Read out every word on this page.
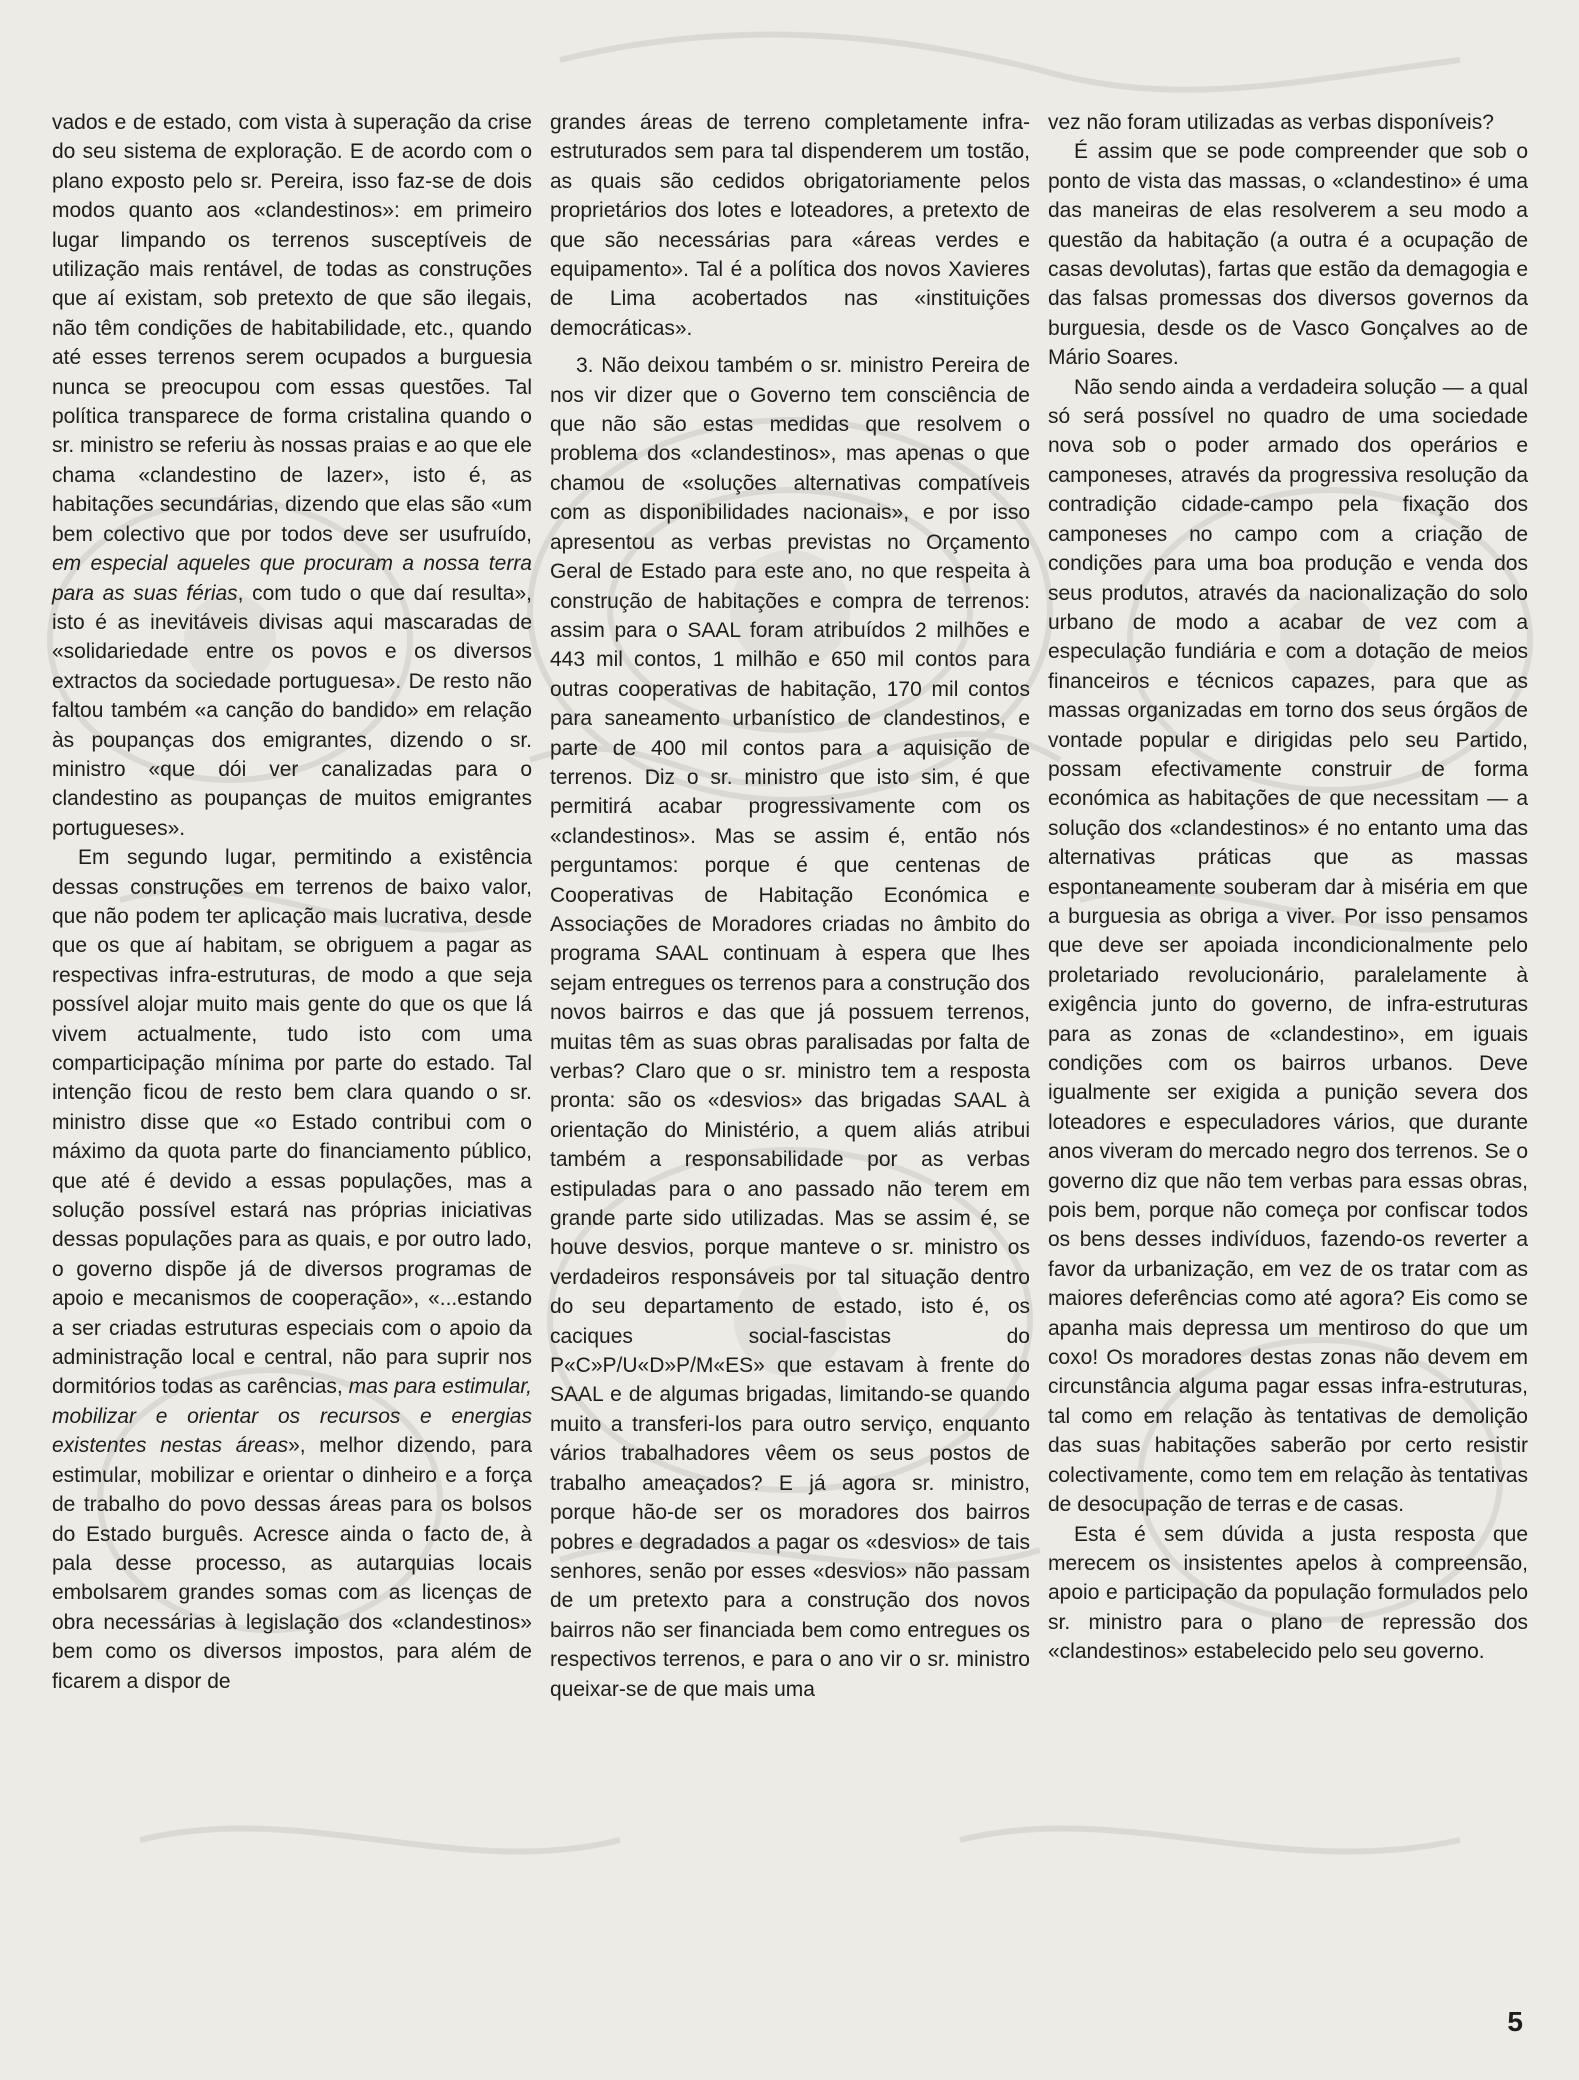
vados e de estado, com vista à superação da crise do seu sistema de exploração. E de acordo com o plano exposto pelo sr. Pereira, isso faz-se de dois modos quanto aos «clandestinos»: em primeiro lugar limpando os terrenos susceptíveis de utilização mais rentável, de todas as construções que aí existam, sob pretexto de que são ilegais, não têm condições de habitabilidade, etc., quando até esses terrenos serem ocupados a burguesia nunca se preocupou com essas questões. Tal política transparece de forma cristalina quando o sr. ministro se referiu às nossas praias e ao que ele chama «clandestino de lazer», isto é, as habitações secundárias, dizendo que elas são «um bem colectivo que por todos deve ser usufruído, em especial aqueles que procuram a nossa terra para as suas férias, com tudo o que daí resulta», isto é as inevitáveis divisas aqui mascaradas de «solidariedade entre os povos e os diversos extractos da sociedade portuguesa». De resto não faltou também «a canção do bandido» em relação às poupanças dos emigrantes, dizendo o sr. ministro «que dói ver canalizadas para o clandestino as poupanças de muitos emigrantes portugueses».

Em segundo lugar, permitindo a existência dessas construções em terrenos de baixo valor, que não podem ter aplicação mais lucrativa, desde que os que aí habitam, se obriguem a pagar as respectivas infra-estruturas, de modo a que seja possível alojar muito mais gente do que os que lá vivem actualmente, tudo isto com uma comparticipação mínima por parte do estado. Tal intenção ficou de resto bem clara quando o sr. ministro disse que «o Estado contribui com o máximo da quota parte do financiamento público, que até é devido a essas populações, mas a solução possível estará nas próprias iniciativas dessas populações para as quais, e por outro lado, o governo dispõe já de diversos programas de apoio e mecanismos de cooperação», «...estando a ser criadas estruturas especiais com o apoio da administração local e central, não para suprir nos dormitórios todas as carências, mas para estimular, mobilizar e orientar os recursos e energias existentes nestas áreas», melhor dizendo, para estimular, mobilizar e orientar o dinheiro e a força de trabalho do povo dessas áreas para os bolsos do Estado burguês. Acresce ainda o facto de, à pala desse processo, as autarquias locais embolsarem grandes somas com as licenças de obra necessárias à legislação dos «clandestinos» bem como os diversos impostos, para além de ficarem a dispor de

grandes áreas de terreno completamente infra-estruturados sem para tal dispenderem um tostão, as quais são cedidos obrigatoriamente pelos proprietários dos lotes e loteadores, a pretexto de que são necessárias para «áreas verdes e equipamento». Tal é a política dos novos Xavieres de Lima acobertados nas «instituições democráticas».

3. Não deixou também o sr. ministro Pereira de nos vir dizer que o Governo tem consciência de que não são estas medidas que resolvem o problema dos «clandestinos», mas apenas o que chamou de «soluções alternativas compatíveis com as disponibilidades nacionais», e por isso apresentou as verbas previstas no Orçamento Geral de Estado para este ano, no que respeita à construção de habitações e compra de terrenos: assim para o SAAL foram atribuídos 2 milhões e 443 mil contos, 1 milhão e 650 mil contos para outras cooperativas de habitação, 170 mil contos para saneamento urbanístico de clandestinos, e parte de 400 mil contos para a aquisição de terrenos. Diz o sr. ministro que isto sim, é que permitirá acabar progressivamente com os «clandestinos». Mas se assim é, então nós perguntamos: porque é que centenas de Cooperativas de Habitação Económica e Associações de Moradores criadas no âmbito do programa SAAL continuam à espera que lhes sejam entregues os terrenos para a construção dos novos bairros e das que já possuem terrenos, muitas têm as suas obras paralisadas por falta de verbas? Claro que o sr. ministro tem a resposta pronta: são os «desvios» das brigadas SAAL à orientação do Ministério, a quem aliás atribui também a responsabilidade por as verbas estipuladas para o ano passado não terem em grande parte sido utilizadas. Mas se assim é, se houve desvios, porque manteve o sr. ministro os verdadeiros responsáveis por tal situação dentro do seu departamento de estado, isto é, os caciques social-fascistas do P«C»P/U«D»P/M«ES» que estavam à frente do SAAL e de algumas brigadas, limitando-se quando muito a transferi-los para outro serviço, enquanto vários trabalhadores vêem os seus postos de trabalho ameaçados? E já agora sr. ministro, porque hão-de ser os moradores dos bairros pobres e degradados a pagar os «desvios» de tais senhores, senão por esses «desvios» não passam de um pretexto para a construção dos novos bairros não ser financiada bem como entregues os respectivos terrenos, e para o ano vir o sr. ministro queixar-se de que mais uma

vez não foram utilizadas as verbas disponíveis?

É assim que se pode compreender que sob o ponto de vista das massas, o «clandestino» é uma das maneiras de elas resolverem a seu modo a questão da habitação (a outra é a ocupação de casas devolutas), fartas que estão da demagogia e das falsas promessas dos diversos governos da burguesia, desde os de Vasco Gonçalves ao de Mário Soares.

Não sendo ainda a verdadeira solução — a qual só será possível no quadro de uma sociedade nova sob o poder armado dos operários e camponeses, através da progressiva resolução da contradição cidade-campo pela fixação dos camponeses no campo com a criação de condições para uma boa produção e venda dos seus produtos, através da nacionalização do solo urbano de modo a acabar de vez com a especulação fundiária e com a dotação de meios financeiros e técnicos capazes, para que as massas organizadas em torno dos seus órgãos de vontade popular e dirigidas pelo seu Partido, possam efectivamente construir de forma económica as habitações de que necessitam — a solução dos «clandestinos» é no entanto uma das alternativas práticas que as massas espontaneamente souberam dar à miséria em que a burguesia as obriga a viver. Por isso pensamos que deve ser apoiada incondicionalmente pelo proletariado revolucionário, paralelamente à exigência junto do governo, de infra-estruturas para as zonas de «clandestino», em iguais condições com os bairros urbanos. Deve igualmente ser exigida a punição severa dos loteadores e especuladores vários, que durante anos viveram do mercado negro dos terrenos. Se o governo diz que não tem verbas para essas obras, pois bem, porque não começa por confiscar todos os bens desses indivíduos, fazendo-os reverter a favor da urbanização, em vez de os tratar com as maiores deferências como até agora? Eis como se apanha mais depressa um mentiroso do que um coxo! Os moradores destas zonas não devem em circunstância alguma pagar essas infra-estruturas, tal como em relação às tentativas de demolição das suas habitações saberão por certo resistir colectivamente, como tem em relação às tentativas de desocupação de terras e de casas.

Esta é sem dúvida a justa resposta que merecem os insistentes apelos à compreensão, apoio e participação da população formulados pelo sr. ministro para o plano de repressão dos «clandestinos» estabelecido pelo seu governo.

5
